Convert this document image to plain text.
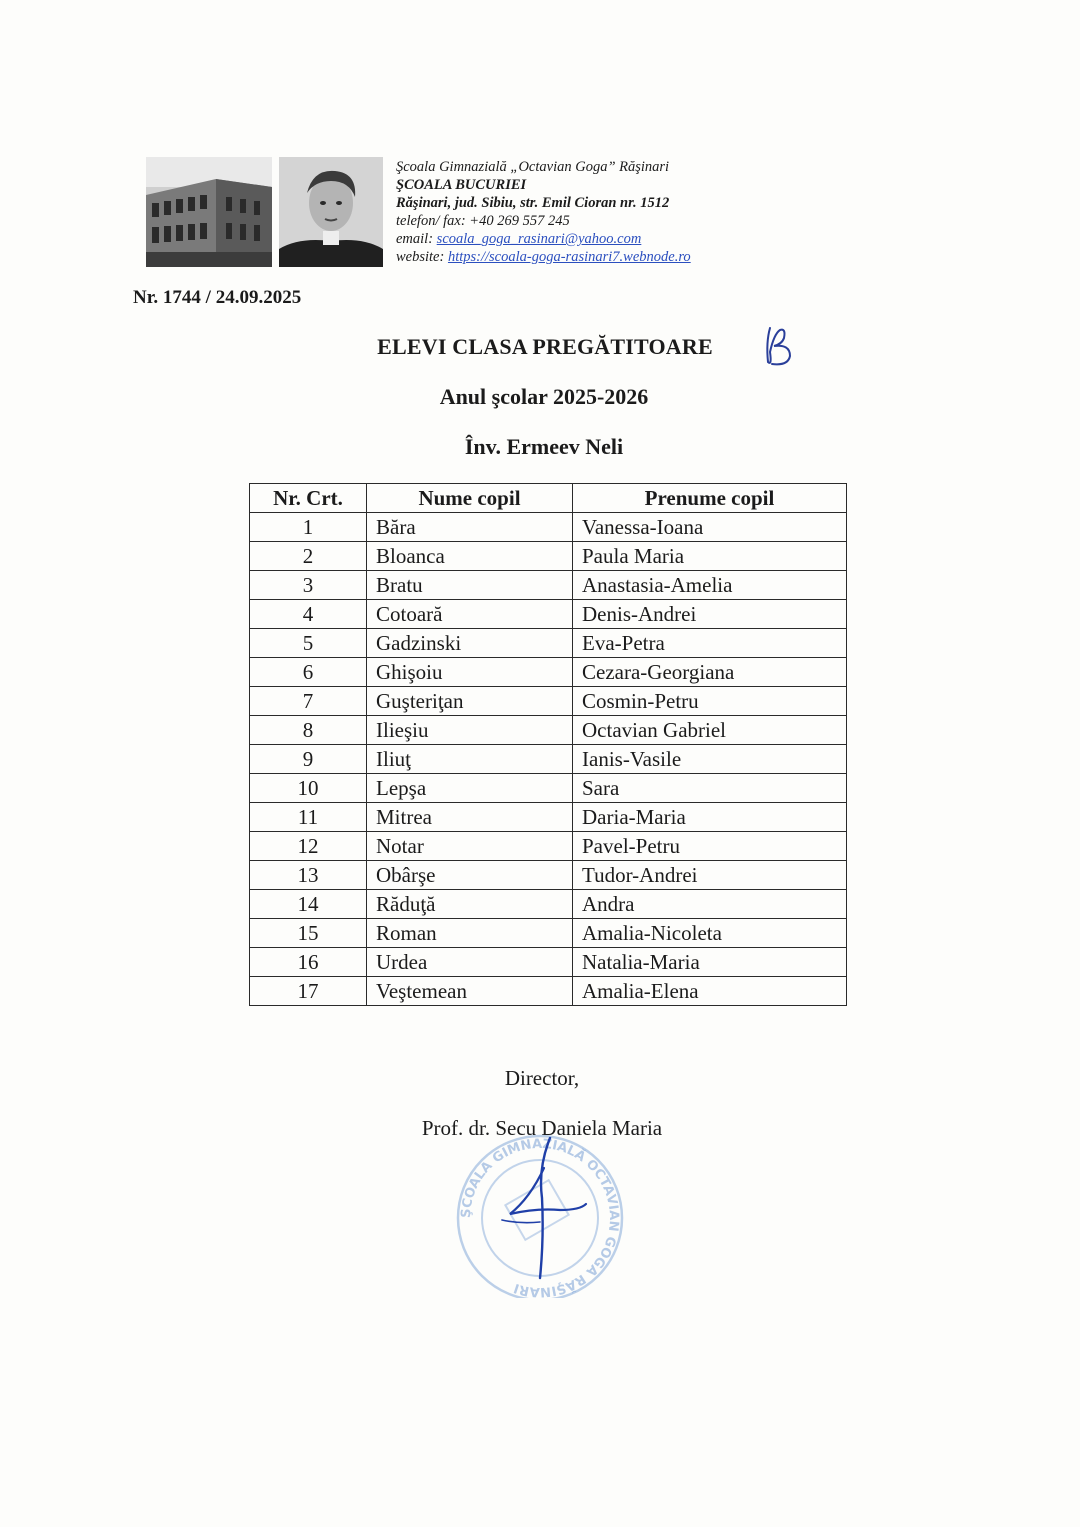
Şcoala Gimnazială „Octavian Goga” Răşinari
ŞCOALA BUCURIEI
Răşinari, jud. Sibiu, str. Emil Cioran nr. 1512
telefon/ fax: +40 269 557 245
email: scoala_goga_rasinari@yahoo.com
website: https://scoala-goga-rasinari7.webnode.ro
Nr. 1744 / 24.09.2025
ELEVI CLASA PREGĂTITOARE
Anul şcolar 2025-2026
Înv. Ermeev Neli
Nr. Crt.	Nume copil	Prenume copil
1	Băra	Vanessa-Ioana
2	Bloanca	Paula Maria
3	Bratu	Anastasia-Amelia
4	Cotoară	Denis-Andrei
5	Gadzinski	Eva-Petra
6	Ghişoiu	Cezara-Georgiana
7	Guşteriţan	Cosmin-Petru
8	Ilieşiu	Octavian Gabriel
9	Iliuţ	Ianis-Vasile
10	Lepşa	Sara
11	Mitrea	Daria-Maria
12	Notar	Pavel-Petru
13	Obârşe	Tudor-Andrei
14	Răduţă	Andra
15	Roman	Amalia-Nicoleta
16	Urdea	Natalia-Maria
17	Veştemean	Amalia-Elena
Director,
Prof. dr. Secu Daniela Maria
ŞCOALA GIMNAZIALĂ OCTAVIAN GOGA RĂŞINARI
